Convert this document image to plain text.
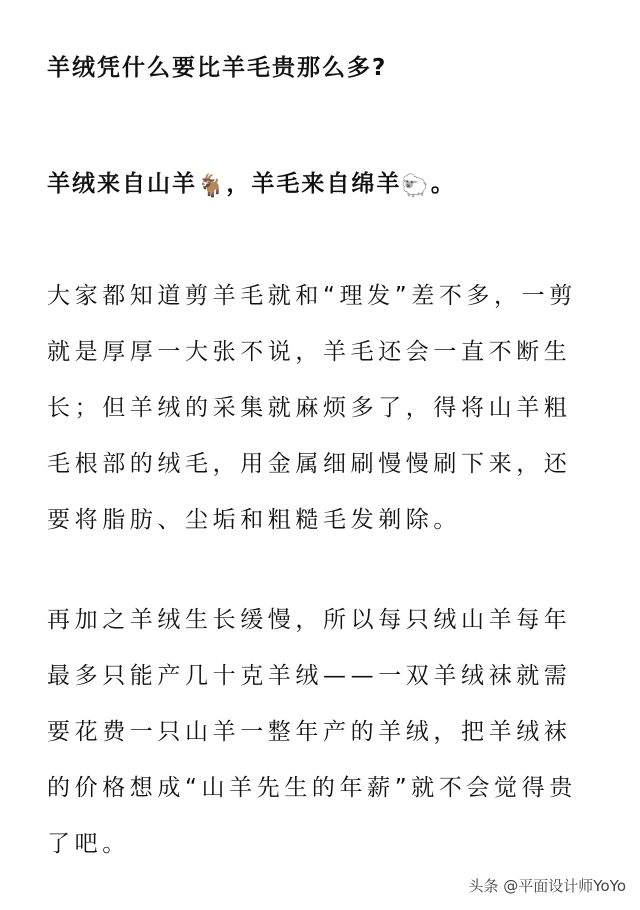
羊绒凭什么要比羊毛贵那么多?
羊绒来自山羊🐐，羊毛来自绵羊🐑。
大家都知道剪羊毛就和“理发”差不多，一剪
就是厚厚一大张不说，羊毛还会一直不断生
长；但羊绒的采集就麻烦多了，得将山羊粗
毛根部的绒毛，用金属细刷慢慢刷下来，还
要将脂肪、尘垢和粗糙毛发剃除。
再加之羊绒生长缓慢，所以每只绒山羊每年
最多只能产几十克羊绒——一双羊绒袜就需
要花费一只山羊一整年产的羊绒，把羊绒袜
的价格想成“山羊先生的年薪”就不会觉得贵
了吧。
头条 @平面设计师YoYo
